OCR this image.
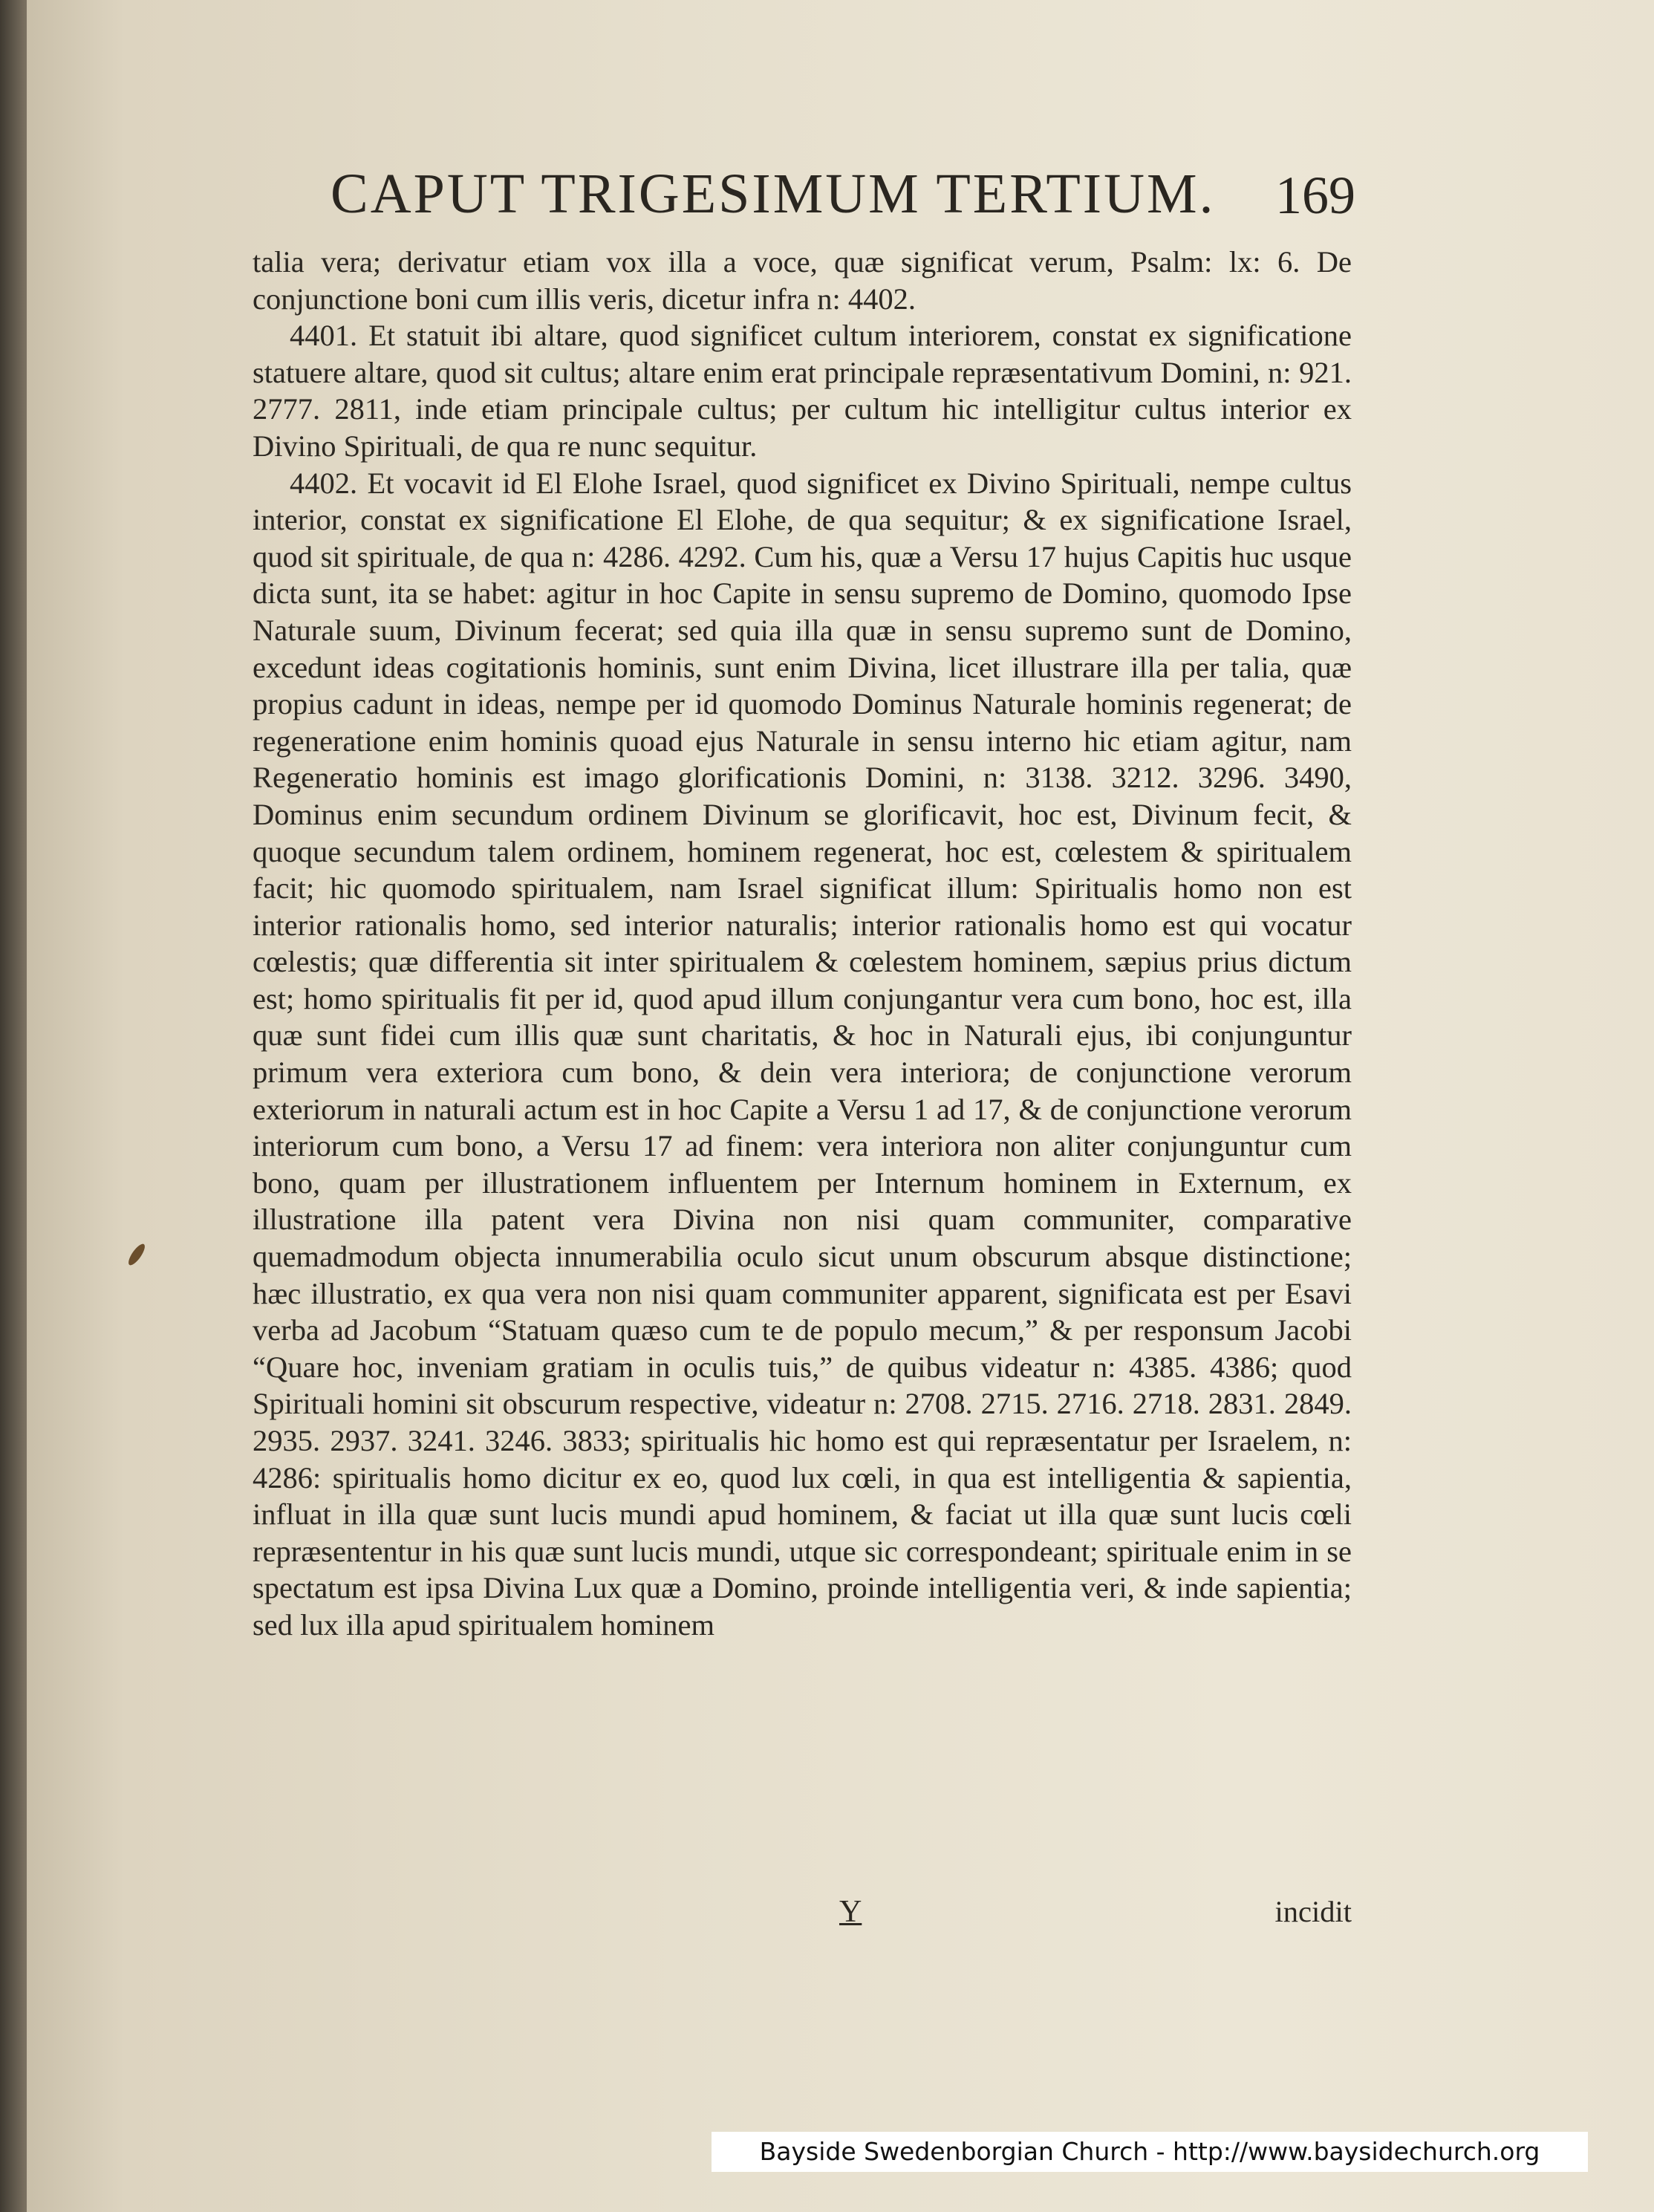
CAPUT TRIGESIMUM TERTIUM. 169

talia vera; derivatur etiam vox illa a voce, quæ significat verum, Psalm: lx: 6. De conjunctione boni cum illis veris, dicetur infra n: 4402.

4401. Et statuit ibi altare, quod significet cultum interiorem, constat ex significatione statuere altare, quod sit cultus; altare enim erat principale repræsentativum Domini, n: 921. 2777. 2811, inde etiam principale cultus; per cultum hic intelligitur cultus interior ex Divino Spirituali, de qua re nunc sequitur.

4402. Et vocavit id El Elohe Israel, quod significet ex Divino Spirituali, nempe cultus interior, constat ex significatione El Elohe, de qua sequitur; & ex significatione Israel, quod sit spirituale, de qua n: 4286. 4292. Cum his, quæ a Versu 17 hujus Capitis huc usque dicta sunt, ita se habet: agitur in hoc Capite in sensu supremo de Domino, quomodo Ipse Naturale suum, Divinum fecerat; sed quia illa quæ in sensu supremo sunt de Domino, excedunt ideas cogitationis hominis, sunt enim Divina, licet illustrare illa per talia, quæ propius cadunt in ideas, nempe per id quomodo Dominus Naturale hominis regenerat; de regeneratione enim hominis quoad ejus Naturale in sensu interno hic etiam agitur, nam Regeneratio hominis est imago glorificationis Domini, n: 3138. 3212. 3296. 3490, Dominus enim secundum ordinem Divinum se glorificavit, hoc est, Divinum fecit, & quoque secundum talem ordinem, hominem regenerat, hoc est, cœlestem & spiritualem facit; hic quomodo spiritualem, nam Israel significat illum: Spiritualis homo non est interior rationalis homo, sed interior naturalis; interior rationalis homo est qui vocatur cœlestis; quæ differentia sit inter spiritualem & cœlestem hominem, sæpius prius dictum est; homo spiritualis fit per id, quod apud illum conjungantur vera cum bono, hoc est, illa quæ sunt fidei cum illis quæ sunt charitatis, & hoc in Naturali ejus, ibi conjunguntur primum vera exteriora cum bono, & dein vera interiora; de conjunctione verorum exteriorum in naturali actum est in hoc Capite a Versu 1 ad 17, & de conjunctione verorum interiorum cum bono, a Versu 17 ad finem: vera interiora non aliter conjunguntur cum bono, quam per illustrationem influentem per Internum hominem in Externum, ex illustratione illa patent vera Divina non nisi quam communiter, comparative quemadmodum objecta innumerabilia oculo sicut unum obscurum absque distinctione; hæc illustratio, ex qua vera non nisi quam communiter apparent, significata est per Esavi verba ad Jacobum “Statuam quæso cum te de populo mecum,” & per responsum Jacobi “Quare hoc, inveniam gratiam in oculis tuis,” de quibus videatur n: 4385. 4386; quod Spirituali homini sit obscurum respective, videatur n: 2708. 2715. 2716. 2718. 2831. 2849. 2935. 2937. 3241. 3246. 3833; spiritualis hic homo est qui repræsentatur per Israelem, n: 4286: spiritualis homo dicitur ex eo, quod lux cœli, in qua est intelligentia & sapientia, influat in illa quæ sunt lucis mundi apud hominem, & faciat ut illa quæ sunt lucis cœli repræsententur in his quæ sunt lucis mundi, utque sic correspondeant; spirituale enim in se spectatum est ipsa Divina Lux quæ a Domino, proinde intelligentia veri, & inde sapientia; sed lux illa apud spiritualem hominem

Y	incidit
Bayside Swedenborgian Church - http://www.baysidechurch.org
